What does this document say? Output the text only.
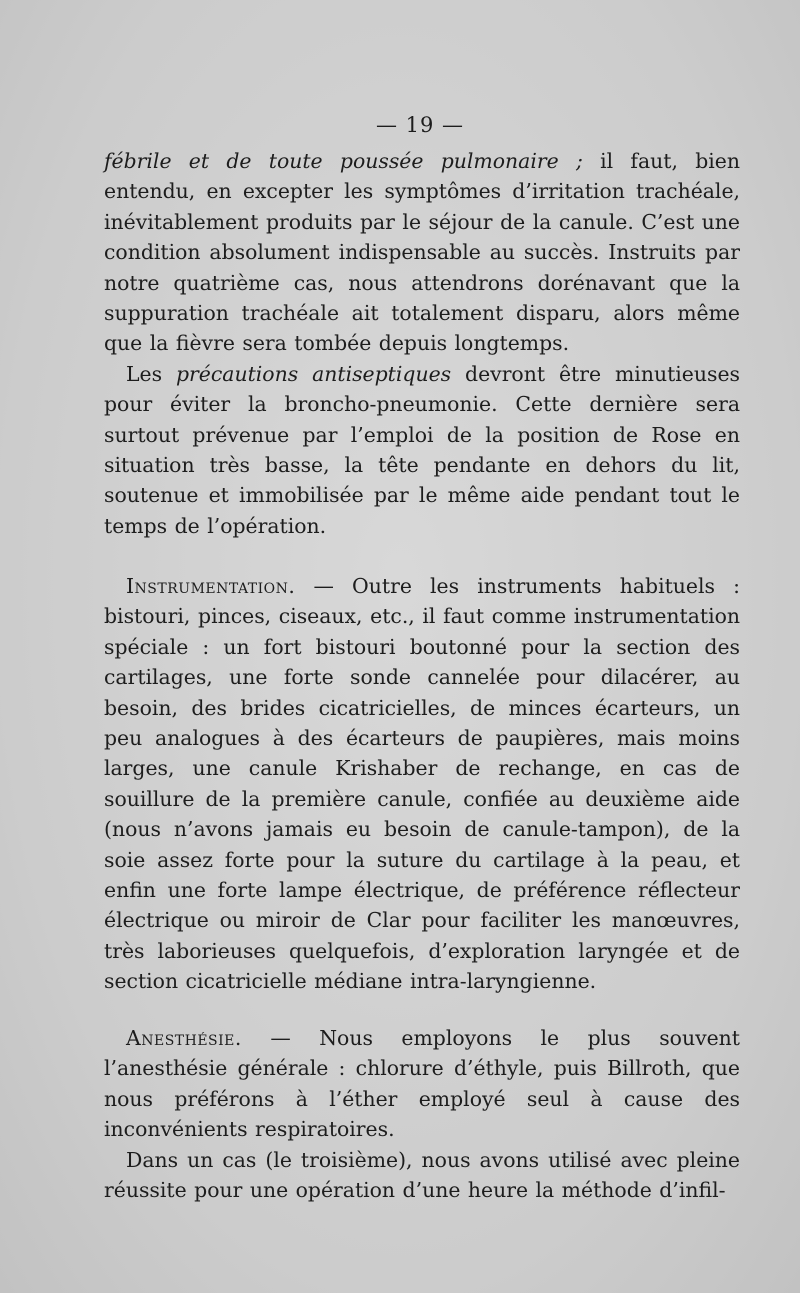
— 19 —

fébrile et de toute poussée pulmonaire ; il faut, bien entendu, en excepter les symptômes d’irritation trachéale, inévitablement produits par le séjour de la canule. C’est une condition absolument indispensable au succès. Instruits par notre quatrième cas, nous attendrons dorénavant que la suppuration trachéale ait totalement disparu, alors même que la fièvre sera tombée depuis longtemps.

Les précautions antiseptiques devront être minutieuses pour éviter la broncho-pneumonie. Cette dernière sera surtout prévenue par l’emploi de la position de Rose en situation très basse, la tête pendante en dehors du lit, soutenue et immobilisée par le même aide pendant tout le temps de l’opération.

Instrumentation. — Outre les instruments habituels : bistouri, pinces, ciseaux, etc., il faut comme instrumentation spéciale : un fort bistouri boutonné pour la section des cartilages, une forte sonde cannelée pour dilacérer, au besoin, des brides cicatricielles, de minces écarteurs, un peu analogues à des écarteurs de paupières, mais moins larges, une canule Krishaber de rechange, en cas de souillure de la première canule, confiée au deuxième aide (nous n’avons jamais eu besoin de canule-tampon), de la soie assez forte pour la suture du cartilage à la peau, et enfin une forte lampe électrique, de préférence réflecteur électrique ou miroir de Clar pour faciliter les manœuvres, très laborieuses quelquefois, d’exploration laryngée et de section cicatricielle médiane intra-laryngienne.

Anesthésie. — Nous employons le plus souvent l’anesthésie générale : chlorure d’éthyle, puis Billroth, que nous préférons à l’éther employé seul à cause des inconvénients respiratoires.

Dans un cas (le troisième), nous avons utilisé avec pleine réussite pour une opération d’une heure la méthode d’infil-
